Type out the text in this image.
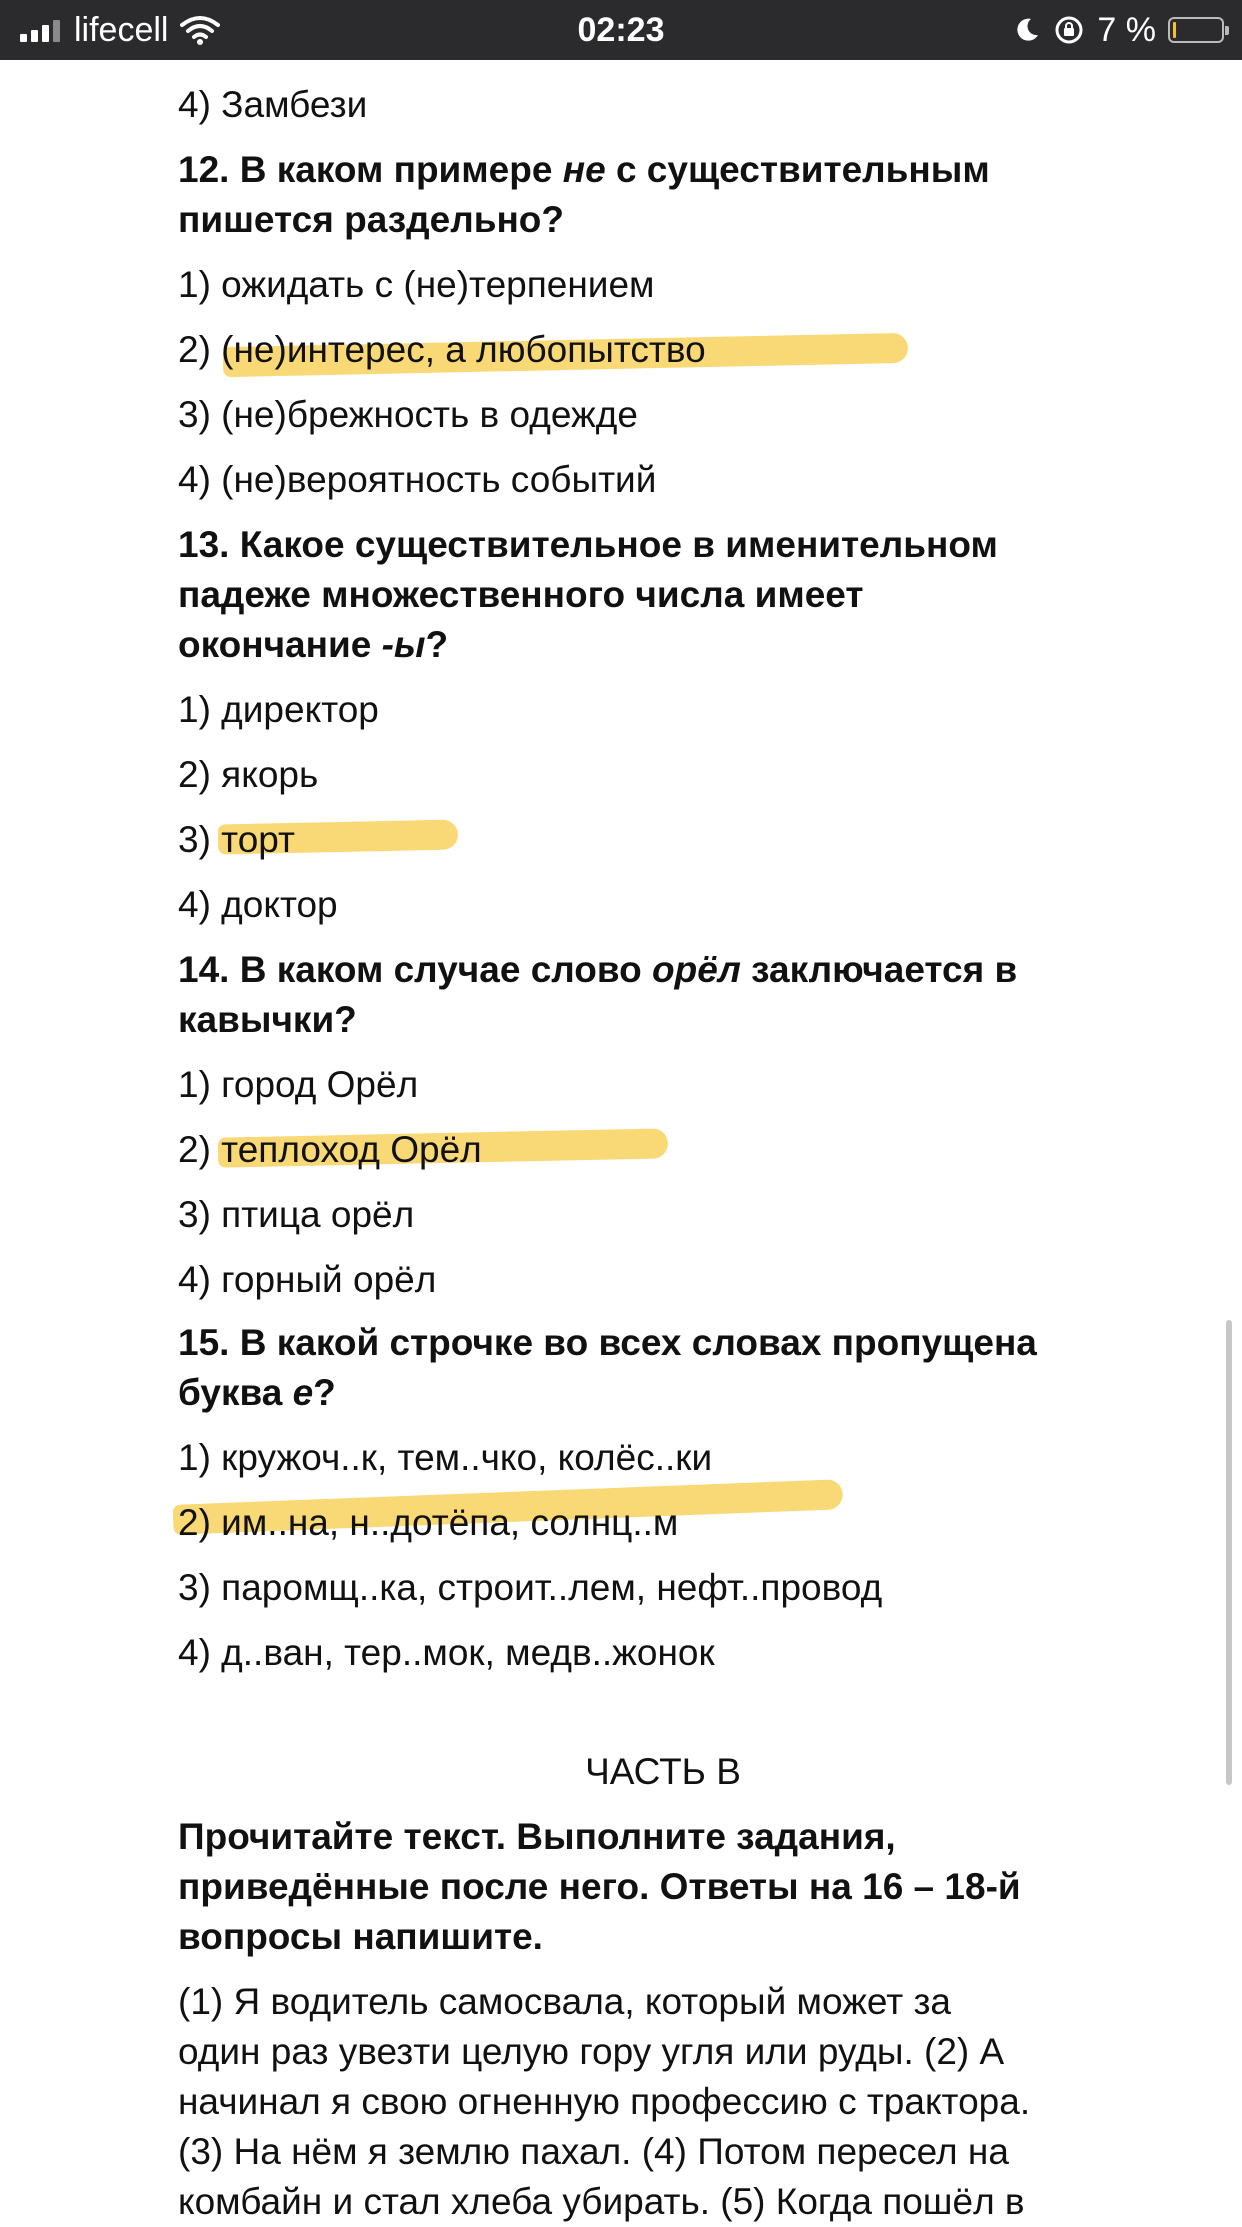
lifecell	02:23	7 %
4) Замбези
12. В каком примере не с существительным
пишется раздельно?
1) ожидать с (не)терпением
2) (не)интерес, а любопытство
3) (не)брежность в одежде
4) (не)вероятность событий
13. Какое существительное в именительном
падеже множественного числа имеет
окончание -ы?
1) директор
2) якорь
3) торт
4) доктор
14. В каком случае слово орёл заключается в
кавычки?
1) город Орёл
2) теплоход Орёл
3) птица орёл
4) горный орёл
15. В какой строчке во всех словах пропущена
буква е?
1) кружоч..к, тем..чко, колёс..ки
2) им..на, н..дотёпа, солнц..м
3) паромщ..ка, строит..лем, нефт..провод
4) д..ван, тер..мок, медв..жонок
ЧАСТЬ В
Прочитайте текст. Выполните задания,
приведённые после него. Ответы на 16 – 18-й
вопросы напишите.
(1) Я водитель самосвала, который может за
один раз увезти целую гору угля или руды. (2) А
начинал я свою огненную профессию с трактора.
(3) На нём я землю пахал. (4) Потом пересел на
комбайн и стал хлеба убирать. (5) Когда пошёл в
